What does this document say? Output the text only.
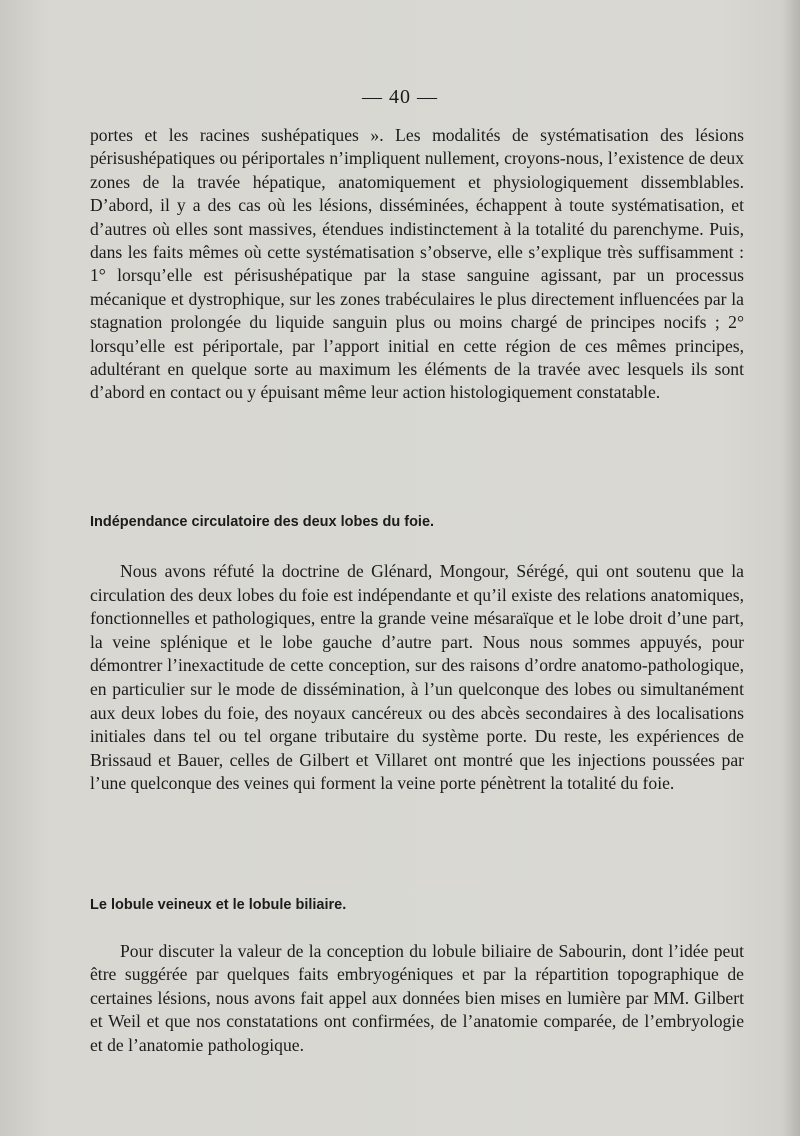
— 40 —

portes et les racines sushépatiques ». Les modalités de systématisation des lésions périsushépatiques ou périportales n’impliquent nullement, croyons-nous, l’existence de deux zones de la travée hépatique, anatomiquement et physiologiquement dissemblables. D’abord, il y a des cas où les lésions, disséminées, échappent à toute systématisation, et d’autres où elles sont massives, étendues indistinctement à la totalité du parenchyme. Puis, dans les faits mêmes où cette systématisation s’observe, elle s’explique très suffisamment : 1° lorsqu’elle est périsushépatique par la stase sanguine agissant, par un processus mécanique et dystrophique, sur les zones trabéculaires le plus directement influencées par la stagnation prolongée du liquide sanguin plus ou moins chargé de principes nocifs ; 2° lorsqu’elle est périportale, par l’apport initial en cette région de ces mêmes principes, adultérant en quelque sorte au maximum les éléments de la travée avec lesquels ils sont d’abord en contact ou y épuisant même leur action histologiquement constatable.

Indépendance circulatoire des deux lobes du foie.

Nous avons réfuté la doctrine de Glénard, Mongour, Sérégé, qui ont soutenu que la circulation des deux lobes du foie est indépendante et qu’il existe des relations anatomiques, fonctionnelles et pathologiques, entre la grande veine mésaraïque et le lobe droit d’une part, la veine splénique et le lobe gauche d’autre part. Nous nous sommes appuyés, pour démontrer l’inexactitude de cette conception, sur des raisons d’ordre anatomo-pathologique, en particulier sur le mode de dissémination, à l’un quelconque des lobes ou simultanément aux deux lobes du foie, des noyaux cancéreux ou des abcès secondaires à des localisations initiales dans tel ou tel organe tributaire du système porte. Du reste, les expériences de Brissaud et Bauer, celles de Gilbert et Villaret ont montré que les injections poussées par l’une quelconque des veines qui forment la veine porte pénètrent la totalité du foie.

Le lobule veineux et le lobule biliaire.

Pour discuter la valeur de la conception du lobule biliaire de Sabourin, dont l’idée peut être suggérée par quelques faits embryogéniques et par la répartition topographique de certaines lésions, nous avons fait appel aux données bien mises en lumière par MM. Gilbert et Weil et que nos constatations ont confirmées, de l’anatomie comparée, de l’embryologie et de l’anatomie pathologique.
